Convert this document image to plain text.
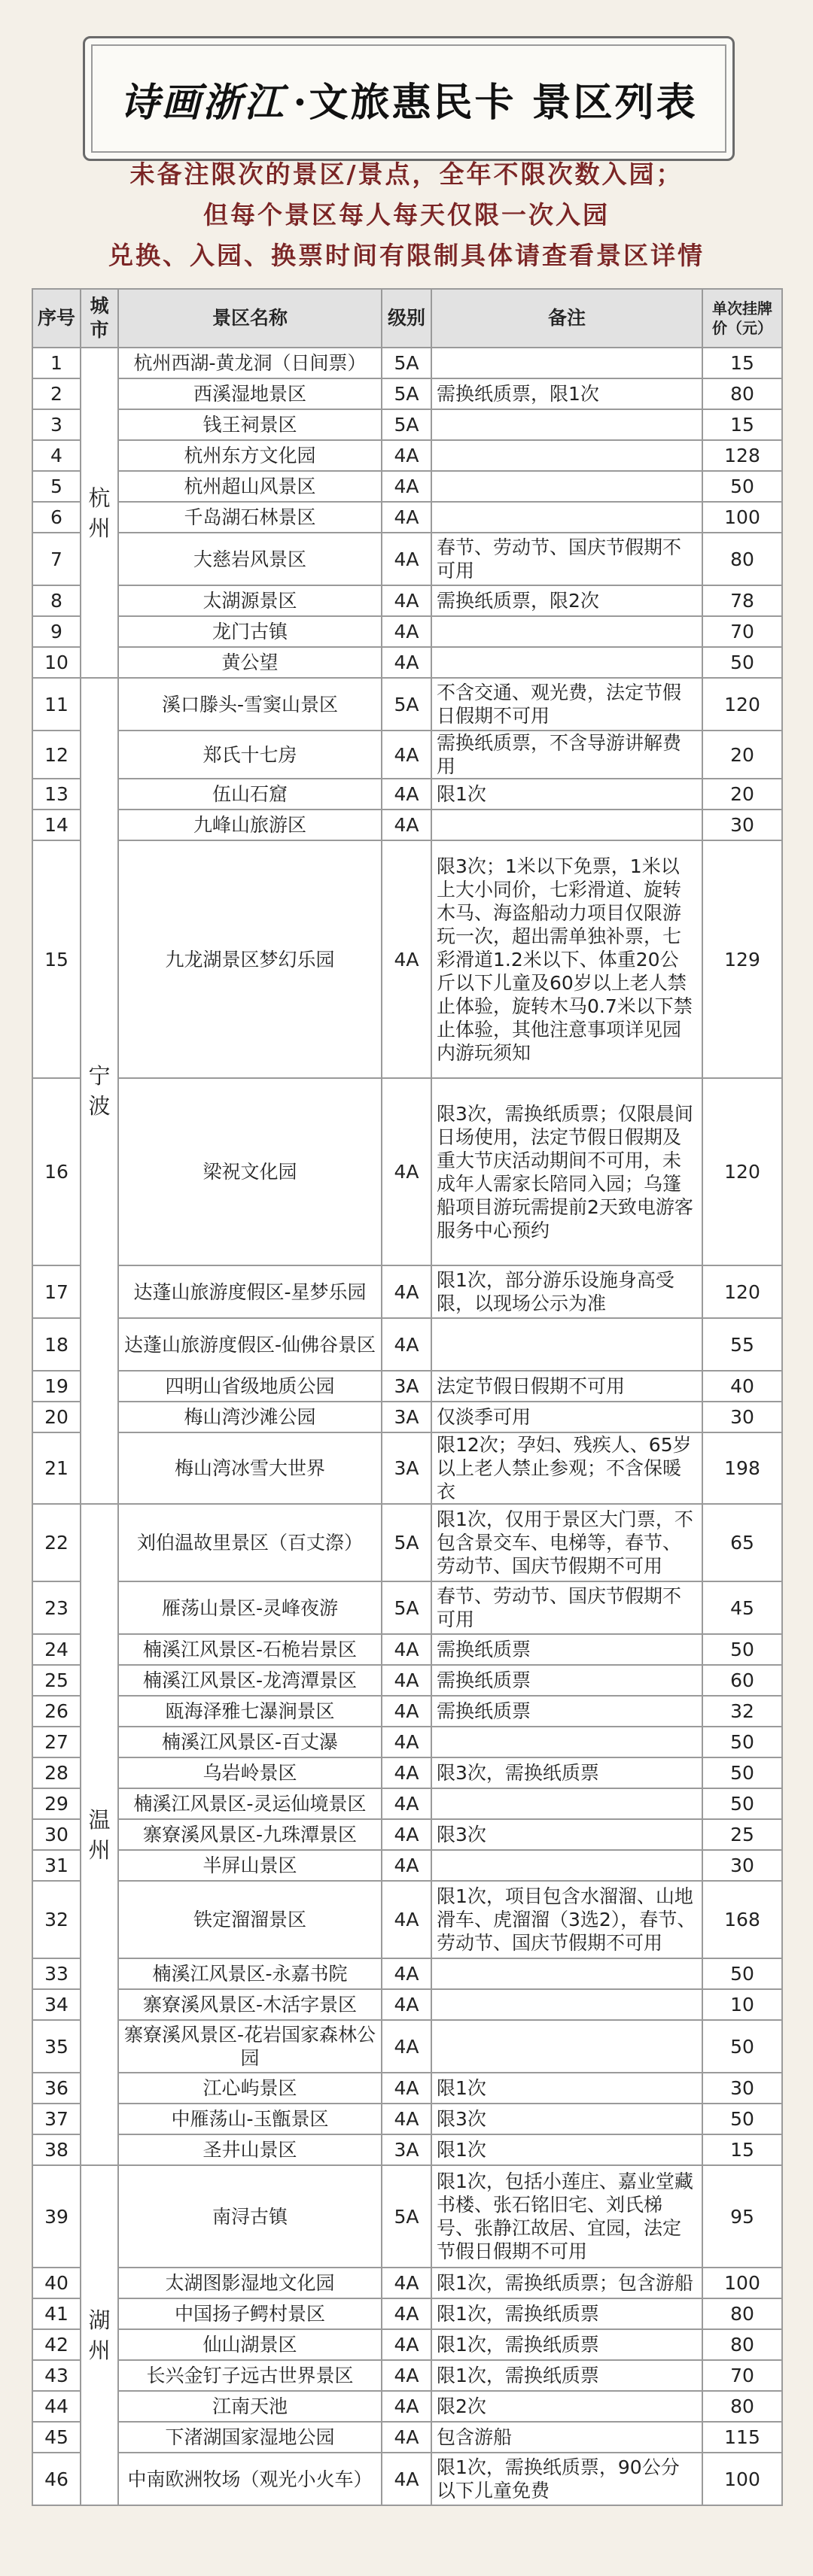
诗画浙江 ·文旅惠民卡 景区列表
未备注限次的景区/景点，全年不限次数入园；
但每个景区每人每天仅限一次入园
兑换、入园、换票时间有限制具体请查看景区详情
序号	城市	景区名称	级别	备注	单次挂牌价（元）
1	杭州	杭州西湖-黄龙洞（日间票）	5A		15
2		西溪湿地景区	5A	需换纸质票，限1次	80
3		钱王祠景区	5A		15
4		杭州东方文化园	4A		128
5		杭州超山风景区	4A		50
6		千岛湖石林景区	4A		100
7		大慈岩风景区	4A	春节、劳动节、国庆节假期不可用	80
8		太湖源景区	4A	需换纸质票，限2次	78
9		龙门古镇	4A		70
10		黄公望	4A		50
11	宁波	溪口滕头-雪窦山景区	5A	不含交通、观光费，法定节假日假期不可用	120
12		郑氏十七房	4A	需换纸质票，不含导游讲解费用	20
13		伍山石窟	4A	限1次	20
14		九峰山旅游区	4A		30
15		九龙湖景区梦幻乐园	4A	限3次；1米以下免票，1米以上大小同价，七彩滑道、旋转木马、海盗船动力项目仅限游玩一次，超出需单独补票，七彩滑道1.2米以下、体重20公斤以下儿童及60岁以上老人禁止体验，旋转木马0.7米以下禁止体验，其他注意事项详见园内游玩须知	129
16		梁祝文化园	4A	限3次，需换纸质票；仅限晨间日场使用，法定节假日假期及重大节庆活动期间不可用，未成年人需家长陪同入园；乌篷船项目游玩需提前2天致电游客服务中心预约	120
17		达蓬山旅游度假区-星梦乐园	4A	限1次，部分游乐设施身高受限，以现场公示为准	120
18		达蓬山旅游度假区-仙佛谷景区	4A		55
19		四明山省级地质公园	3A	法定节假日假期不可用	40
20		梅山湾沙滩公园	3A	仅淡季可用	30
21		梅山湾冰雪大世界	3A	限12次；孕妇、残疾人、65岁以上老人禁止参观；不含保暖衣	198
22	温州	刘伯温故里景区（百丈漈）	5A	限1次，仅用于景区大门票，不包含景交车、电梯等，春节、劳动节、国庆节假期不可用	65
23		雁荡山景区-灵峰夜游	5A	春节、劳动节、国庆节假期不可用	45
24		楠溪江风景区-石桅岩景区	4A	需换纸质票	50
25		楠溪江风景区-龙湾潭景区	4A	需换纸质票	60
26		瓯海泽雅七瀑涧景区	4A	需换纸质票	32
27		楠溪江风景区-百丈瀑	4A		50
28		乌岩岭景区	4A	限3次，需换纸质票	50
29		楠溪江风景区-灵运仙境景区	4A		50
30		寨寮溪风景区-九珠潭景区	4A	限3次	25
31		半屏山景区	4A		30
32		铁定溜溜景区	4A	限1次，项目包含水溜溜、山地滑车、虎溜溜（3选2），春节、劳动节、国庆节假期不可用	168
33		楠溪江风景区-永嘉书院	4A		50
34		寨寮溪风景区-木活字景区	4A		10
35		寨寮溪风景区-花岩国家森林公园	4A		50
36		江心屿景区	4A	限1次	30
37		中雁荡山-玉甑景区	4A	限3次	50
38		圣井山景区	3A	限1次	15
39	湖州	南浔古镇	5A	限1次，包括小莲庄、嘉业堂藏书楼、张石铭旧宅、刘氏梯号、张静江故居、宜园，法定节假日假期不可用	95
40		太湖图影湿地文化园	4A	限1次，需换纸质票；包含游船	100
41		中国扬子鳄村景区	4A	限1次，需换纸质票	80
42		仙山湖景区	4A	限1次，需换纸质票	80
43		长兴金钉子远古世界景区	4A	限1次，需换纸质票	70
44		江南天池	4A	限2次	80
45		下渚湖国家湿地公园	4A	包含游船	115
46		中南欧洲牧场（观光小火车）	4A	限1次，需换纸质票，90公分以下儿童免费	100
